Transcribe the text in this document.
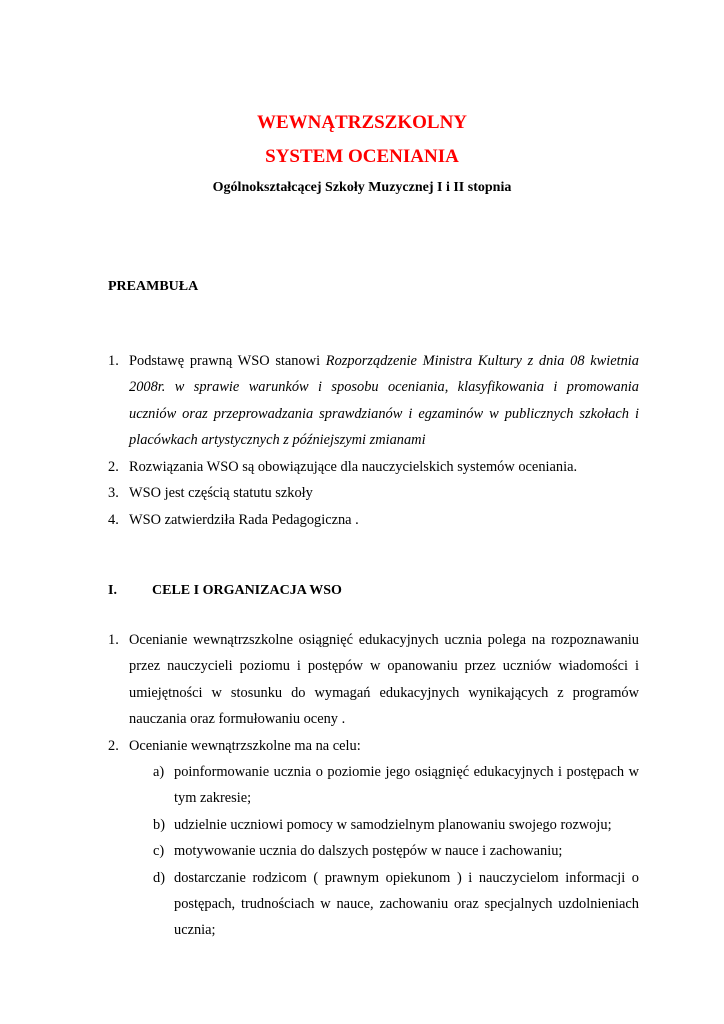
WEWNĄTRZSZKOLNY
SYSTEM OCENIANIA
Ogólnokształcącej Szkoły Muzycznej I i II stopnia
PREAMBUŁA
1. Podstawę prawną WSO stanowi Rozporządzenie Ministra Kultury z dnia 08 kwietnia
2008r. w sprawie warunków i sposobu oceniania, klasyfikowania i promowania
uczniów oraz przeprowadzania sprawdzianów i egzaminów w publicznych szkołach i
placówkach artystycznych z późniejszymi zmianami
2. Rozwiązania WSO są obowiązujące dla nauczycielskich systemów oceniania.
3. WSO jest częścią statutu szkoły
4. WSO zatwierdziła Rada Pedagogiczna .
I.	CELE I ORGANIZACJA WSO
1. Ocenianie wewnątrzszkolne osiągnięć edukacyjnych ucznia polega na rozpoznawaniu
przez nauczycieli poziomu i postępów w opanowaniu przez uczniów wiadomości i
umiejętności w stosunku do wymagań edukacyjnych wynikających z programów
nauczania oraz formułowaniu oceny .
2. Ocenianie wewnątrzszkolne ma na celu:
a) poinformowanie ucznia o poziomie jego osiągnięć edukacyjnych i postępach w
tym zakresie;
b) udzielnie uczniowi pomocy w samodzielnym planowaniu swojego rozwoju;
c) motywowanie ucznia do dalszych postępów w nauce i zachowaniu;
d) dostarczanie rodzicom ( prawnym opiekunom ) i nauczycielom informacji o
postępach, trudnościach w nauce, zachowaniu oraz specjalnych uzdolnieniach
ucznia;
